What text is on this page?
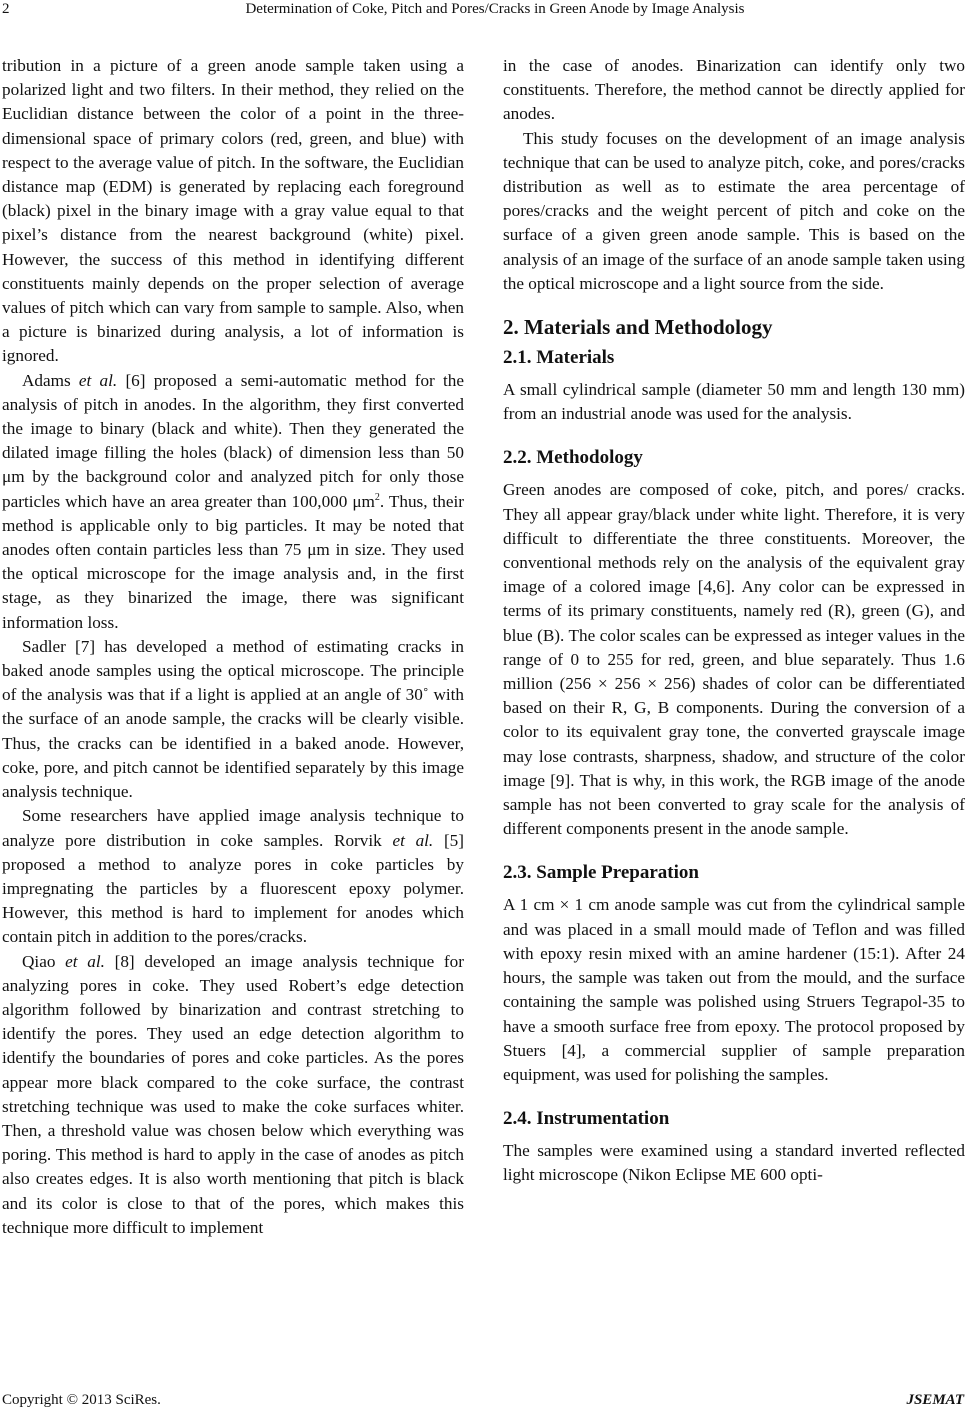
2	Determination of Coke, Pitch and Pores/Cracks in Green Anode by Image Analysis

tribution in a picture of a green anode sample taken using a polarized light and two filters. In their method, they relied on the Euclidian distance between the color of a point in the three-dimensional space of primary colors (red, green, and blue) with respect to the average value of pitch. In the software, the Euclidian distance map (EDM) is generated by replacing each foreground (black) pixel in the binary image with a gray value equal to that pixel’s distance from the nearest background (white) pixel. However, the success of this method in identifying different constituents mainly depends on the proper selection of average values of pitch which can vary from sample to sample. Also, when a picture is binarized during analysis, a lot of information is ignored.

Adams et al. [6] proposed a semi-automatic method for the analysis of pitch in anodes. In the algorithm, they first converted the image to binary (black and white). Then they generated the dilated image filling the holes (black) of dimension less than 50 μm by the background color and analyzed pitch for only those particles which have an area greater than 100,000 $\mu m^2$. Thus, their method is applicable only to big particles. It may be noted that anodes often contain particles less than 75 μm in size. They used the optical microscope for the image analysis and, in the first stage, as they binarized the image, there was significant information loss.

Sadler [7] has developed a method of estimating cracks in baked anode samples using the optical microscope. The principle of the analysis was that if a light is applied at an angle of 30˚ with the surface of an anode sample, the cracks will be clearly visible. Thus, the cracks can be identified in a baked anode. However, coke, pore, and pitch cannot be identified separately by this image analysis technique.

Some researchers have applied image analysis technique to analyze pore distribution in coke samples. Rorvik et al. [5] proposed a method to analyze pores in coke particles by impregnating the particles by a fluorescent epoxy polymer. However, this method is hard to implement for anodes which contain pitch in addition to the pores/cracks.

Qiao et al. [8] developed an image analysis technique for analyzing pores in coke. They used Robert’s edge detection algorithm followed by binarization and contrast stretching to identify the pores. They used an edge detection algorithm to identify the boundaries of pores and coke particles. As the pores appear more black compared to the coke surface, the contrast stretching technique was used to make the coke surfaces whiter. Then, a threshold value was chosen below which everything was poring. This method is hard to apply in the case of anodes as pitch also creates edges. It is also worth mentioning that pitch is black and its color is close to that of the pores, which makes this technique more difficult to implement

in the case of anodes. Binarization can identify only two constituents. Therefore, the method cannot be directly applied for anodes.

This study focuses on the development of an image analysis technique that can be used to analyze pitch, coke, and pores/cracks distribution as well as to estimate the area percentage of pores/cracks and the weight percent of pitch and coke on the surface of a given green anode sample. This is based on the analysis of an image of the surface of an anode sample taken using the optical microscope and a light source from the side.

2. Materials and Methodology
2.1. Materials

A small cylindrical sample (diameter 50 mm and length 130 mm) from an industrial anode was used for the analysis.

2.2. Methodology

Green anodes are composed of coke, pitch, and pores/ cracks. They all appear gray/black under white light. Therefore, it is very difficult to differentiate the three constituents. Moreover, the conventional methods rely on the analysis of the equivalent gray image of a colored image [4,6]. Any color can be expressed in terms of its primary constituents, namely red (R), green (G), and blue (B). The color scales can be expressed as integer values in the range of 0 to 255 for red, green, and blue separately. Thus 1.6 million (256 × 256 × 256) shades of color can be differentiated based on their R, G, B components. During the conversion of a color to its equivalent gray tone, the converted grayscale image may lose contrasts, sharpness, shadow, and structure of the color image [9]. That is why, in this work, the RGB image of the anode sample has not been converted to gray scale for the analysis of different components present in the anode sample.

2.3. Sample Preparation

A 1 cm × 1 cm anode sample was cut from the cylindrical sample and was placed in a small mould made of Teflon and was filled with epoxy resin mixed with an amine hardener (15:1). After 24 hours, the sample was taken out from the mould, and the surface containing the sample was polished using Struers Tegrapol-35 to have a smooth surface free from epoxy. The protocol proposed by Stuers [4], a commercial supplier of sample preparation equipment, was used for polishing the samples.

2.4. Instrumentation

The samples were examined using a standard inverted reflected light microscope (Nikon Eclipse ME 600 opti-

Copyright © 2013 SciRes.	JSEMAT
